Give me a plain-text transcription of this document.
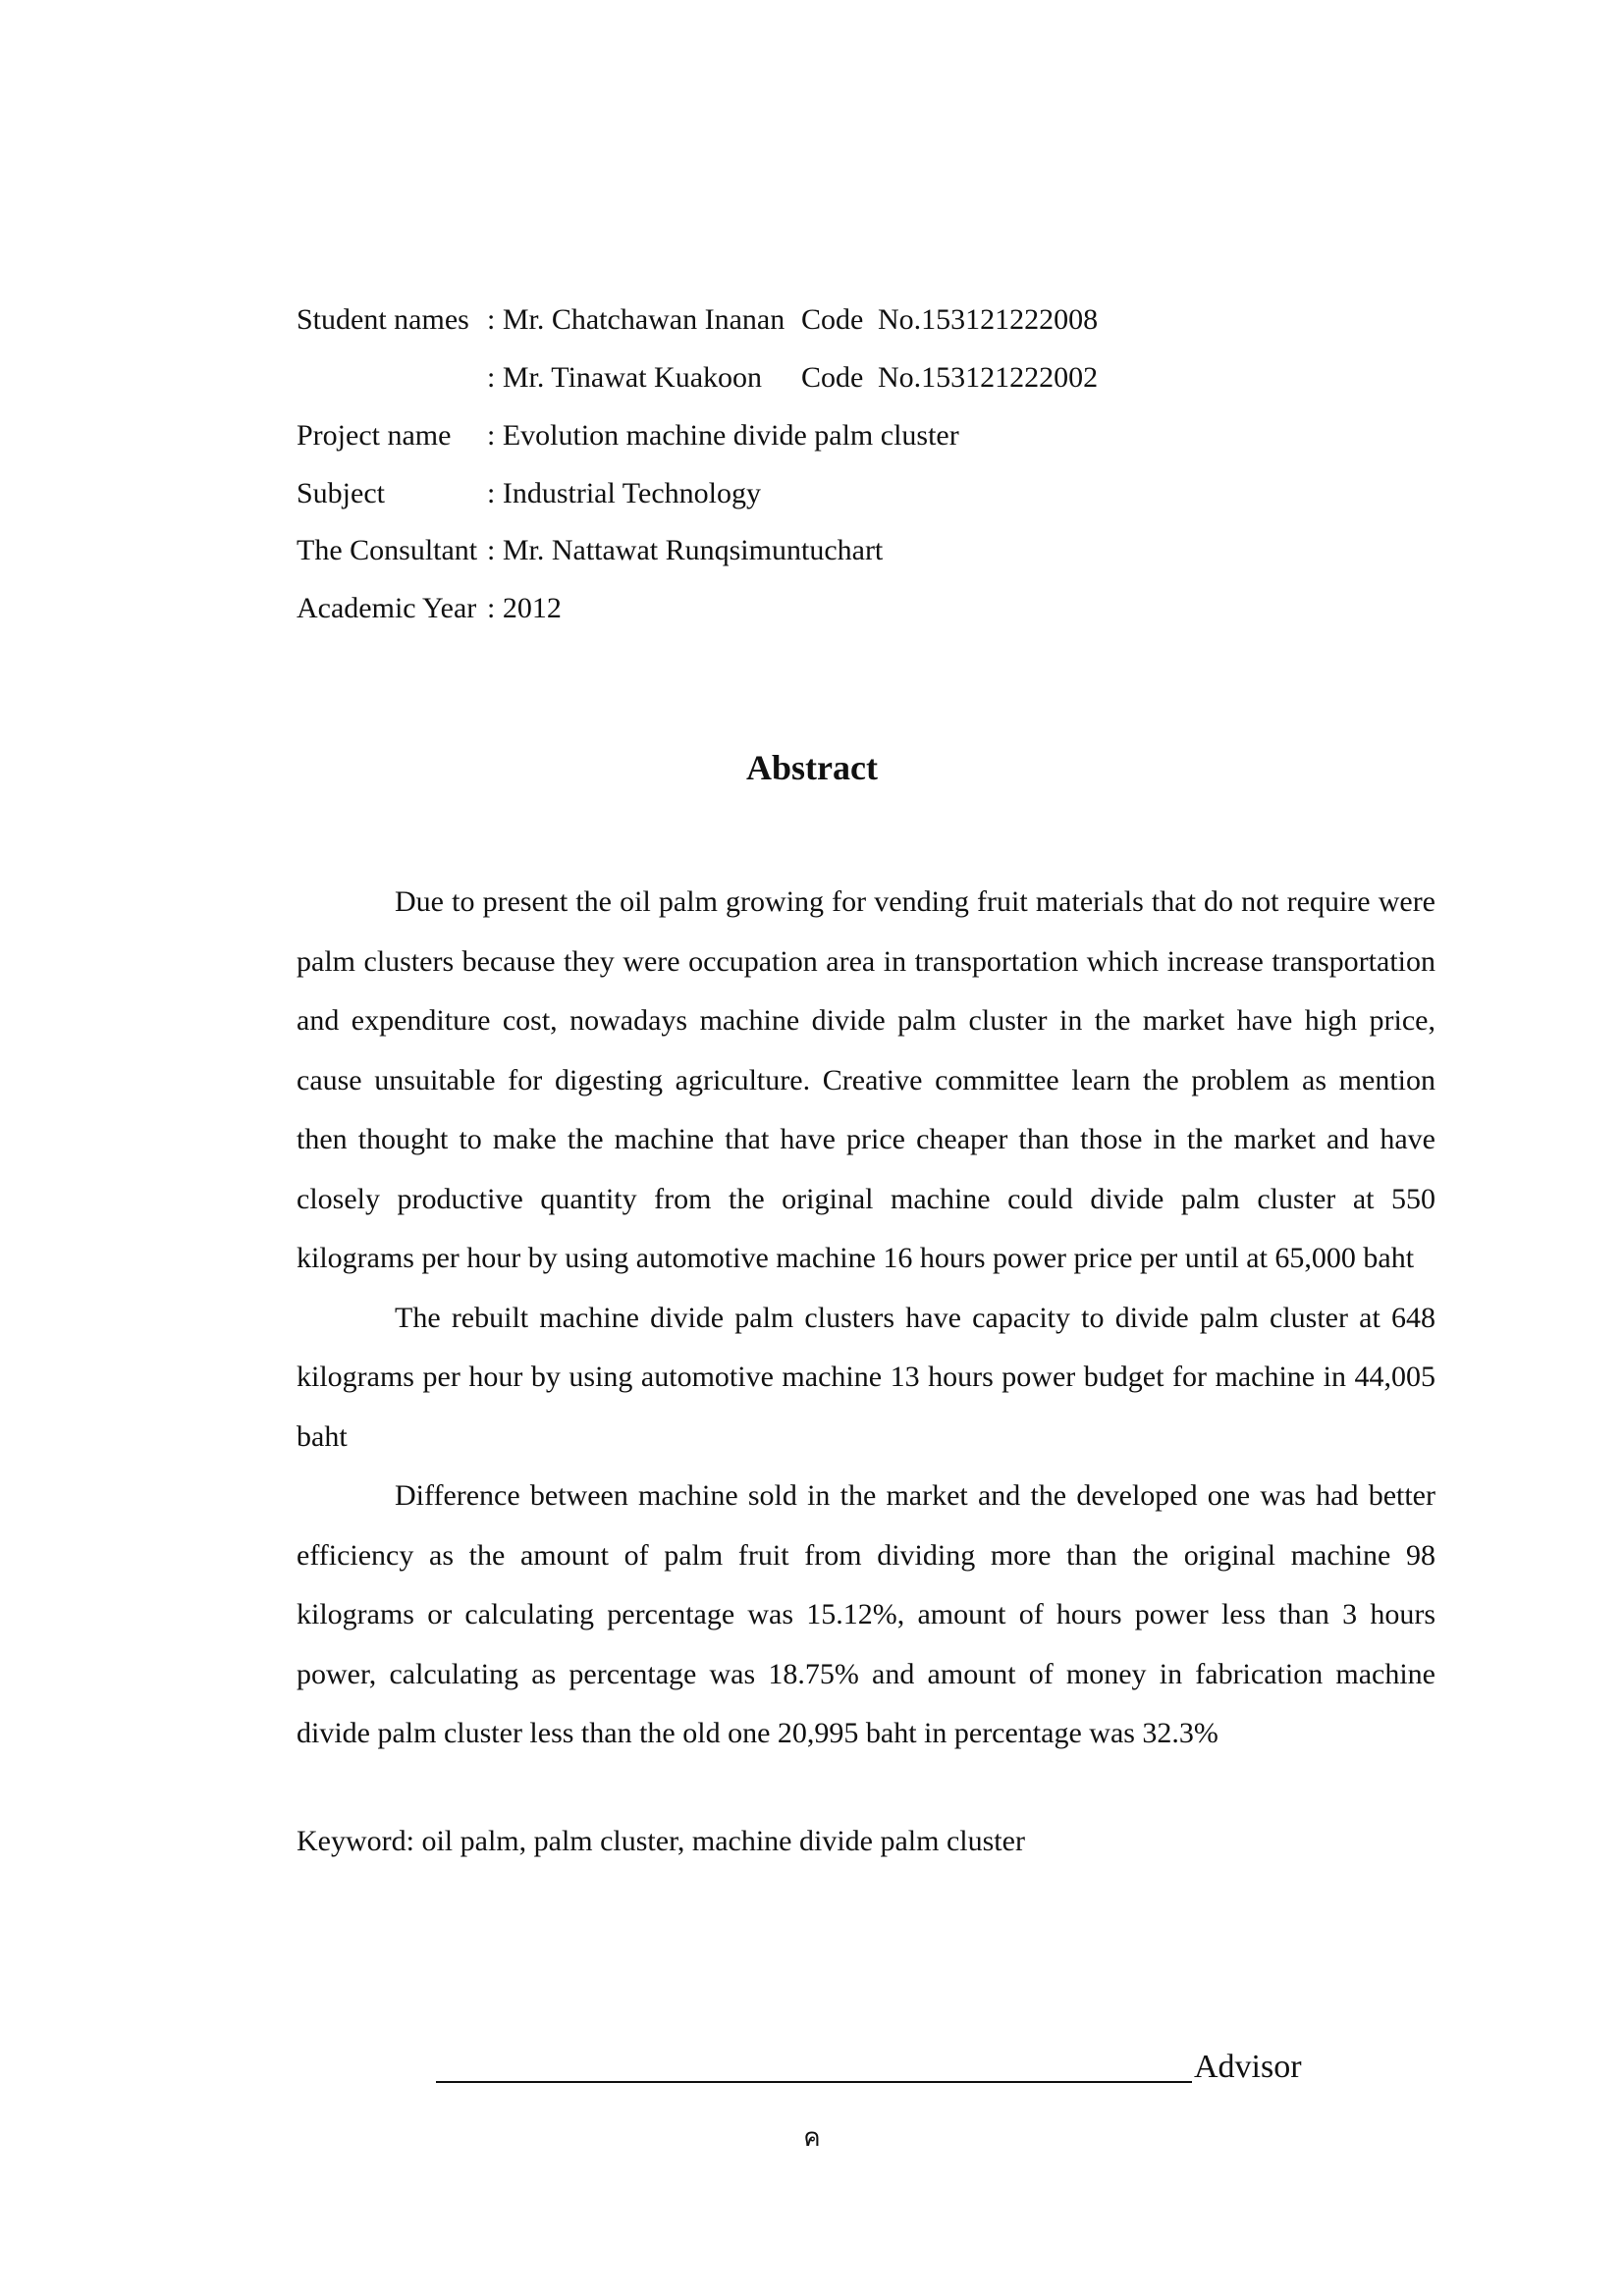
Student names : Mr. Chatchawan Inanan Code No.153121222008
: Mr. Tinawat Kuakoon Code No.153121222002
Project name : Evolution machine divide palm cluster
Subject	: Industrial Technology
The Consultant : Mr. Nattawat Runqsimuntuchart
Academic Year : 2012
Abstract

Due to present the oil palm growing for vending fruit materials that do not require were palm clusters because they were occupation area in transportation which increase transportation and expenditure cost, nowadays machine divide palm cluster in the market have high price, cause unsuitable for digesting agriculture. Creative committee learn the problem as mention then thought to make the machine that have price cheaper than those in the market and have closely productive quantity from the original machine could divide palm cluster at 550 kilograms per hour by using automotive machine 16 hours power price per until at 65,000 baht

The rebuilt machine divide palm clusters have capacity to divide palm cluster at 648 kilograms per hour by using automotive machine 13 hours power budget for machine in 44,005 baht

Difference between machine sold in the market and the developed one was had better efficiency as the amount of palm fruit from dividing more than the original machine 98 kilograms or calculating percentage was 15.12%, amount of hours power less than 3 hours power, calculating as percentage was 18.75% and amount of money in fabrication machine divide palm cluster less than the old one 20,995 baht in percentage was 32.3%

Keyword: oil palm, palm cluster, machine divide palm cluster
Advisor
ค
